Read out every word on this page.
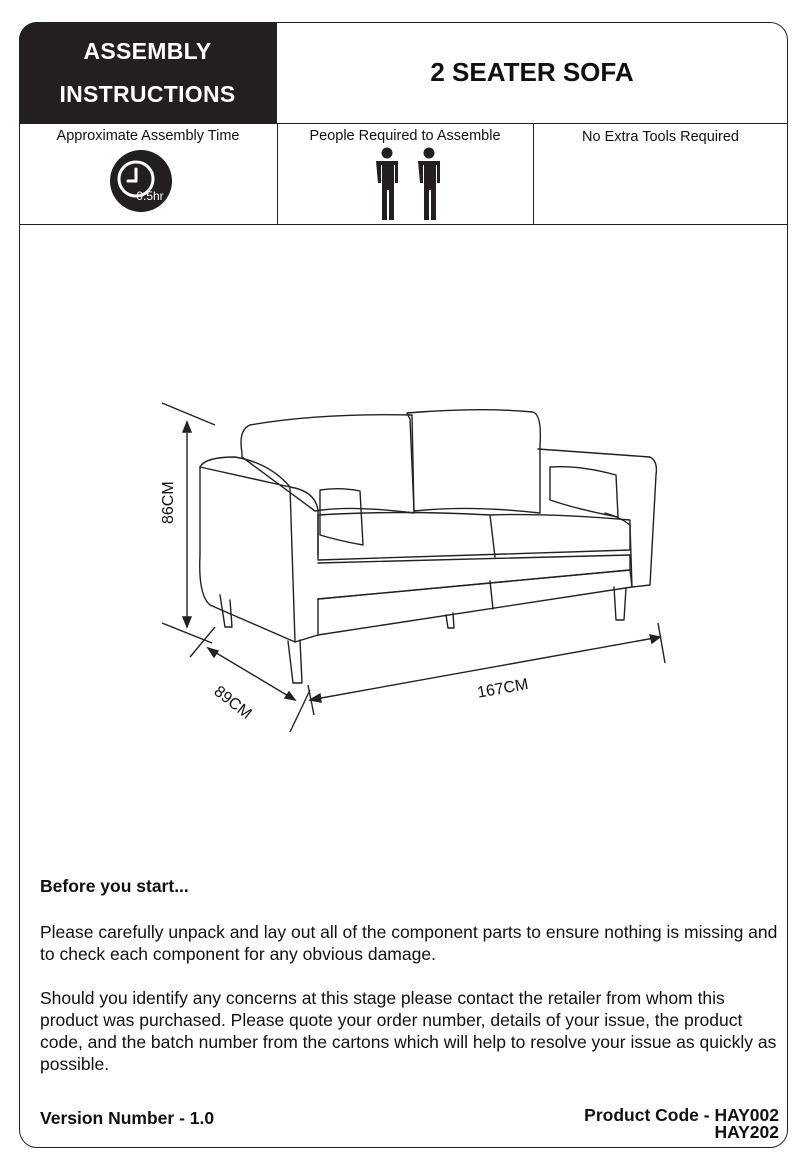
ASSEMBLY
INSTRUCTIONS
2 SEATER SOFA
Approximate Assembly Time	People Required to Assemble	No Extra Tools Required
0.5hr
86CM
89CM	167CM
Before you start...
Please carefully unpack and lay out all of the component parts to ensure nothing is missing and to check each component for any obvious damage.
Should you identify any concerns at this stage please contact the retailer from whom this product was purchased. Please quote your order number, details of your issue, the product code, and the batch number from the cartons which will help to resolve your issue as quickly as possible.
Version Number - 1.0	Product Code - HAY002
HAY202
